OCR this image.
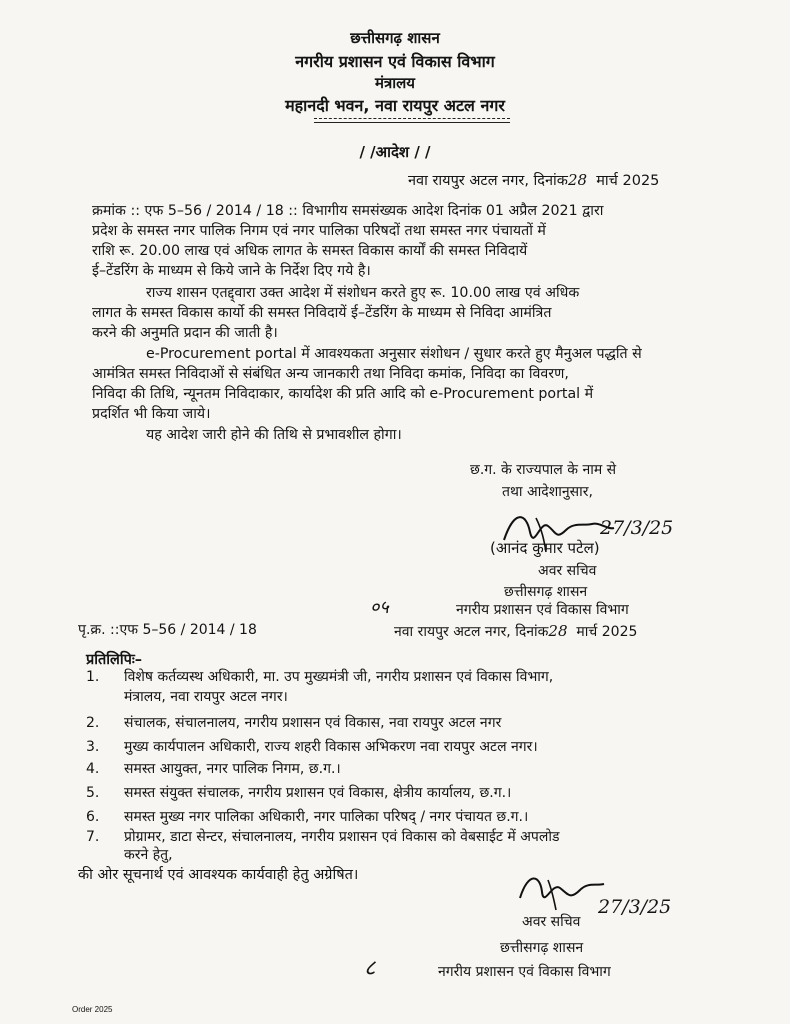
छत्तीसगढ़ शासन
नगरीय प्रशासन एवं विकास विभाग
मंत्रालय
महानदी भवन, नवा रायपुर अटल नगर
/ /आदेश / /
नवा रायपुर अटल नगर, दिनांक28 मार्च 2025
क्रमांक :: एफ 5–56 / 2014 / 18 :: विभागीय समसंख्यक आदेश दिनांक 01 अप्रैल 2021 द्वारा
प्रदेश के समस्त नगर पालिक निगम एवं नगर पालिका परिषदों तथा समस्त नगर पंचायतों में
राशि रू. 20.00 लाख एवं अधिक लागत के समस्त विकास कार्यों की समस्त निविदायें
ई–टेंडरिंग के माध्यम से किये जाने के निर्देश दिए गये है।
राज्य शासन एतद्द्वारा उक्त आदेश में संशोधन करते हुए रू. 10.00 लाख एवं अधिक
लागत के समस्त विकास कार्यो की समस्त निविदायें ई–टेंडरिंग के माध्यम से निविदा आमंत्रित
करने की अनुमति प्रदान की जाती है।
e-Procurement portal में आवश्यकता अनुसार संशोधन / सुधार करते हुए मैनुअल पद्धति से
आमंत्रित समस्त निविदाओं से संबंधित अन्य जानकारी तथा निविदा कमांक, निविदा का विवरण,
निविदा की तिथि, न्यूनतम निविदाकार, कार्यादेश की प्रति आदि को e-Procurement portal में
प्रदर्शित भी किया जाये।
यह आदेश जारी होने की तिथि से प्रभावशील होगा।
छ.ग. के राज्यपाल के नाम से
तथा आदेशानुसार,
27/3/25
(आनंद कुमार पटेल)
अवर सचिव
छत्तीसगढ़ शासन
नगरीय प्रशासन एवं विकास विभाग
पृ.क्र. ::एफ 5–56 / 2014 / 18
०५
नवा रायपुर अटल नगर, दिनांक28 मार्च 2025
प्रतिलिपिः–
1. विशेष कर्तव्यस्थ अधिकारी, मा. उप मुख्यमंत्री जी, नगरीय प्रशासन एवं विकास विभाग,
मंत्रालय, नवा रायपुर अटल नगर।
2. संचालक, संचालनालय, नगरीय प्रशासन एवं विकास, नवा रायपुर अटल नगर
3. मुख्य कार्यपालन अधिकारी, राज्य शहरी विकास अभिकरण नवा रायपुर अटल नगर।
4. समस्त आयुक्त, नगर पालिक निगम, छ.ग.।
5. समस्त संयुक्त संचालक, नगरीय प्रशासन एवं विकास, क्षेत्रीय कार्यालय, छ.ग.।
6. समस्त मुख्य नगर पालिका अधिकारी, नगर पालिका परिषद् / नगर पंचायत छ.ग.।
7. प्रोग्रामर, डाटा सेन्टर, संचालनालय, नगरीय प्रशासन एवं विकास को वेबसाईट में अपलोड
करने हेतु,
की ओर सूचनार्थ एवं आवश्यक कार्यवाही हेतु अग्रेषित।
27/3/25
अवर सचिव
छत्तीसगढ़ शासन
८	नगरीय प्रशासन एवं विकास विभाग
Order 2025
